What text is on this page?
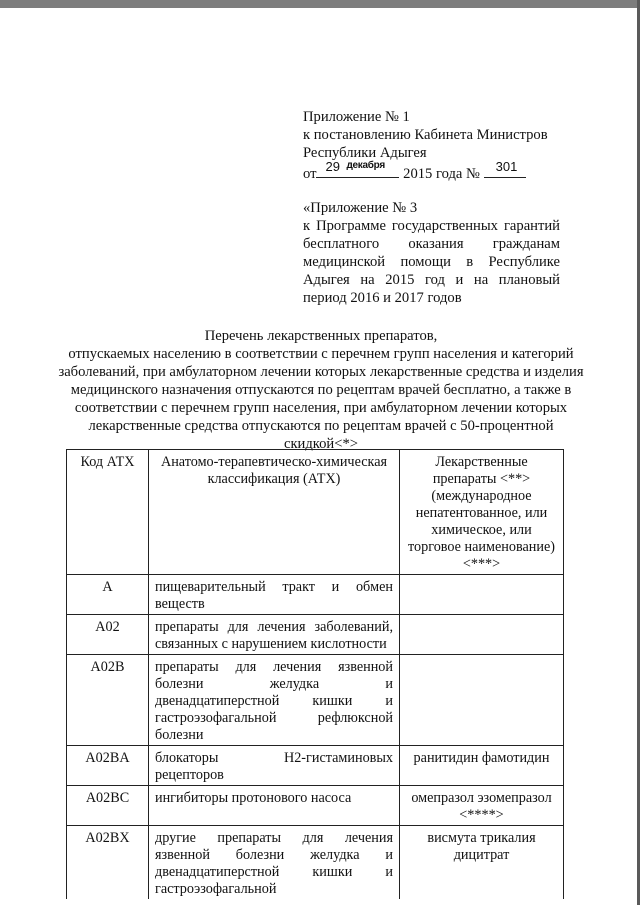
Приложение № 1
к постановлению Кабинета Министров
Республики Адыгея
от 29 декабря
2015 года № 301
«Приложение № 3
к Программе государственных гарантий бесплатного оказания гражданам медицинской помощи в Республике Адыгея на 2015 год и на плановый период 2016 и 2017 годов
Перечень лекарственных препаратов,
отпускаемых населению в соответствии с перечнем групп населения и категорий заболеваний, при амбулаторном лечении которых лекарственные средства и изделия медицинского назначения отпускаются по рецептам врачей бесплатно, а также в соответствии с перечнем групп населения, при амбулаторном лечении которых лекарственные средства отпускаются по рецептам врачей с 50-процентной скидкой<*>
Код АТХ	Анатомо-терапевтическо-химическая классификация (АТХ)	Лекарственные препараты <**> (международное непатентованное, или химическое, или торговое наименование) <***>
A	пищеварительный тракт и обмен веществ	
A02	препараты для лечения заболеваний, связанных с нарушением кислотности	
A02B	препараты для лечения язвенной болезни желудка и двенадцатиперстной кишки и гастроэзофагальной рефлюксной болезни	
A02BA	блокаторы Н2-гистаминовых рецепторов	ранитидин фамотидин
A02BC	ингибиторы протонового насоса	омепразол эзомепразол <****>
A02BX	другие препараты для лечения язвенной болезни желудка и двенадцатиперстной кишки и гастроэзофагальной	висмута трикалия дицитрат
